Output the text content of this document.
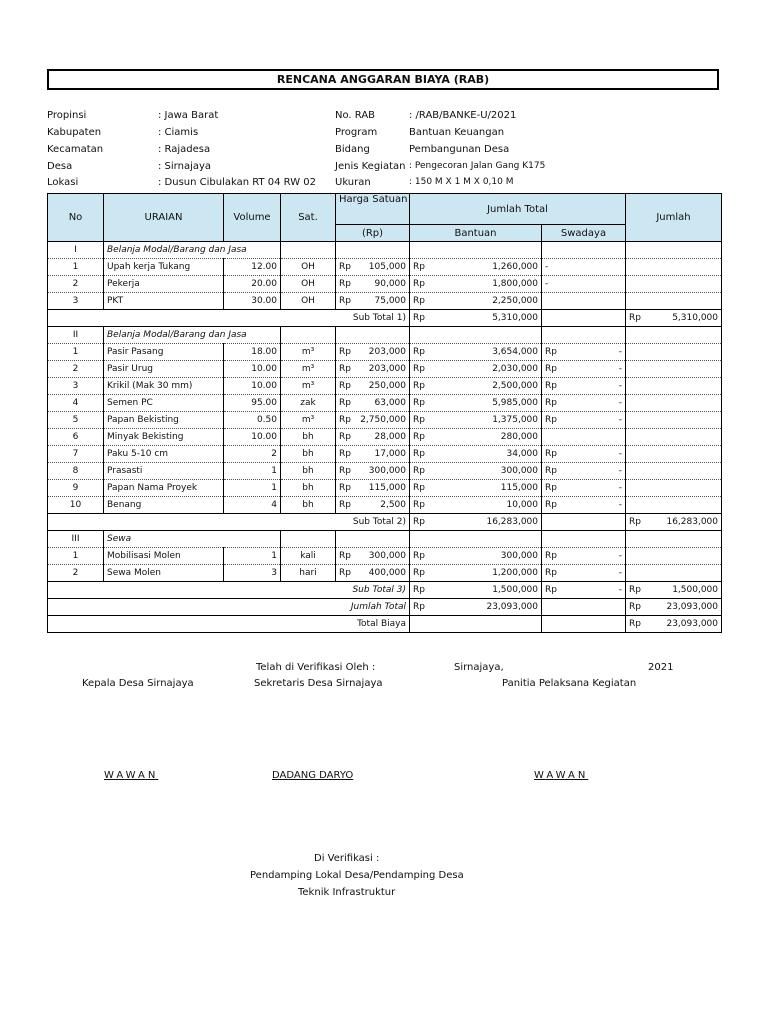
RENCANA ANGGARAN BIAYA (RAB)
Propinsi	: Jawa Barat
Kabupaten	: Ciamis
Kecamatan	: Rajadesa
Desa	: Sirnajaya
Lokasi	: Dusun Cibulakan RT 04 RW 02
No. RAB	: /RAB/BANKE-U/2021
Program	Bantuan Keuangan
Bidang	Pembangunan Desa
Jenis Kegiatan : Pengecoran Jalan Gang K175
Ukuran	: 150 M X 1 M X 0,10 M
No	URAIAN	Volume	Sat.	Harga Satuan	Jumlah Total		Jumlah
				(Rp)	Bantuan	Swadaya	
I	Belanja Modal/Barang dan Jasa						
1	Upah kerja Tukang	12.00	OH	Rp 105,000	Rp 1,260,000	-	

2	Pekerja	20.00	OH	Rp 90,000	Rp 1,800,000	-	

3	PKT	30.00	OH	Rp 75,000	Rp 2,250,000		

Sub Total 1)					Rp 5,310,000		Rp 5,310,000

II	Belanja Modal/Barang dan Jasa						
1	Pasir Pasang	18.00	m³	Rp 203,000	Rp 3,654,000	Rp -	

2	Pasir Urug	10.00	m³	Rp 203,000	Rp 2,030,000	Rp -	

3	Krikil (Mak 30 mm)	10.00	m³	Rp 250,000	Rp 2,500,000	Rp -	

4	Semen PC	95.00	zak	Rp 63,000	Rp 5,985,000	Rp -	

5	Papan Bekisting	0.50	m³	Rp 2,750,000	Rp 1,375,000	Rp -	

6	Minyak Bekisting	10.00	bh	Rp 28,000	Rp 280,000		

7	Paku 5-10 cm	2	bh	Rp 17,000	Rp 34,000	Rp -	

8	Prasasti	1	bh	Rp 300,000	Rp 300,000	Rp -	

9	Papan Nama Proyek	1	bh	Rp 115,000	Rp 115,000	Rp -	

10	Benang	4	bh	Rp 2,500	Rp 10,000	Rp -	

Sub Total 2)					Rp 16,283,000		Rp 16,283,000

III	Sewa						
1	Mobilisasi Molen	1	kali	Rp 300,000	Rp 300,000	Rp -	

2	Sewa Molen	3	hari	Rp 400,000	Rp 1,200,000	Rp -	

Sub Total 3)					Rp 1,500,000	Rp -	Rp 1,500,000

Jumlah Total					Rp 23,093,000		Rp 23,093,000

Total Biaya							Rp 23,093,000
Telah di Verifikasi Oleh :	Sirnajaya,	2021
Kepala Desa Sirnajaya	Sekretaris Desa Sirnajaya	Panitia Pelaksana Kegiatan
WAWAN	DADANG DARYO	WAWAN
Di Verifikasi :
Pendamping Lokal Desa/Pendamping Desa
Teknik Infrastruktur
